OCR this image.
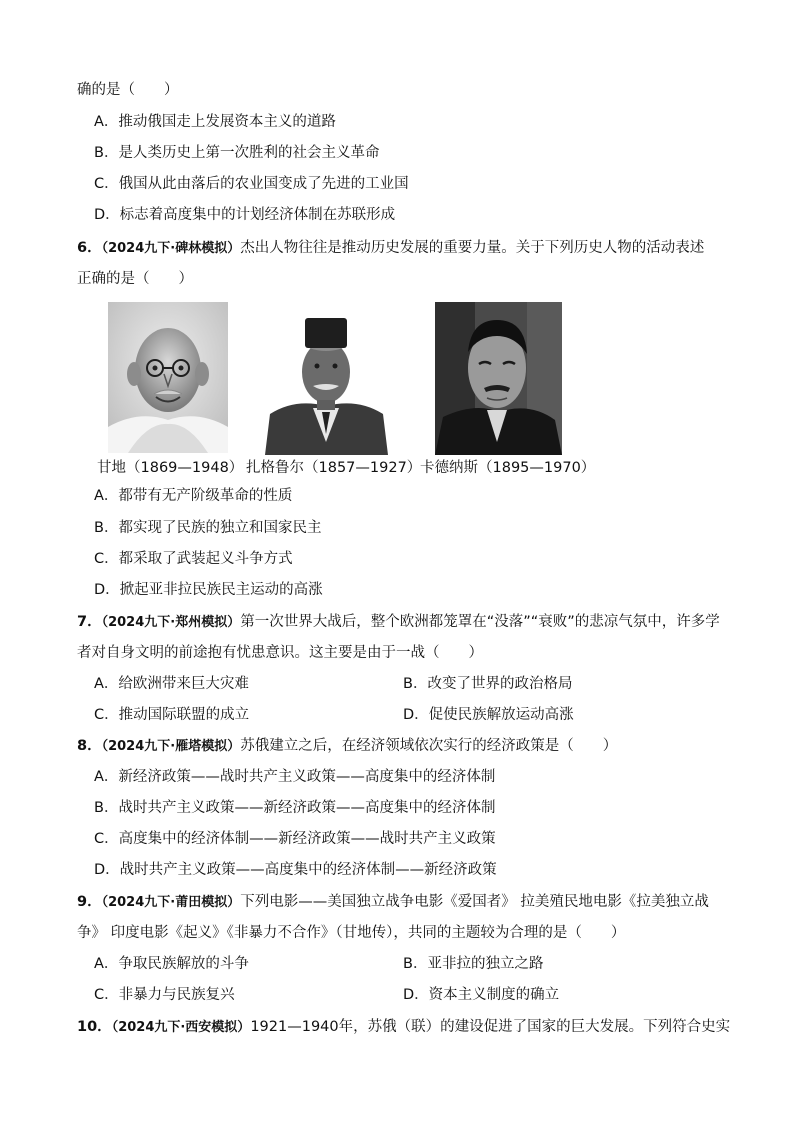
确的是（　　）
A．推动俄国走上发展资本主义的道路
B．是人类历史上第一次胜利的社会主义革命
C．俄国从此由落后的农业国变成了先进的工业国
D．标志着高度集中的计划经济体制在苏联形成
6．（2024九下·碑林模拟）杰出人物往往是推动历史发展的重要力量。关于下列历史人物的活动表述
正确的是（　　）
甘地（1869—1948） 扎格鲁尔（1857—1927）
卡德纳斯（1895—1970）
A．都带有无产阶级革命的性质
B．都实现了民族的独立和国家民主
C．都采取了武装起义斗争方式
D．掀起亚非拉民族民主运动的高涨
7．（2024九下·郑州模拟）第一次世界大战后，整个欧洲都笼罩在“没落”“衰败”的悲凉气氛中，许多学
者对自身文明的前途抱有忧患意识。这主要是由于一战（　　）
A．给欧洲带来巨大灾难	B．改变了世界的政治格局
C．推动国际联盟的成立	D．促使民族解放运动高涨
8．（2024九下·雁塔模拟）苏俄建立之后，在经济领域依次实行的经济政策是（　　）
A．新经济政策——战时共产主义政策——高度集中的经济体制
B．战时共产主义政策——新经济政策——高度集中的经济体制
C．高度集中的经济体制——新经济政策——战时共产主义政策
D．战时共产主义政策——高度集中的经济体制——新经济政策
9．（2024九下·莆田模拟）下列电影——美国独立战争电影《爱国者》 拉美殖民地电影《拉美独立战
争》 印度电影《起义》《非暴力不合作》（甘地传），共同的主题较为合理的是（　　）
A．争取民族解放的斗争	B．亚非拉的独立之路
C．非暴力与民族复兴	D．资本主义制度的确立
10．（2024九下·西安模拟）1921—1940年，苏俄（联）的建设促进了国家的巨大发展。下列符合史实
